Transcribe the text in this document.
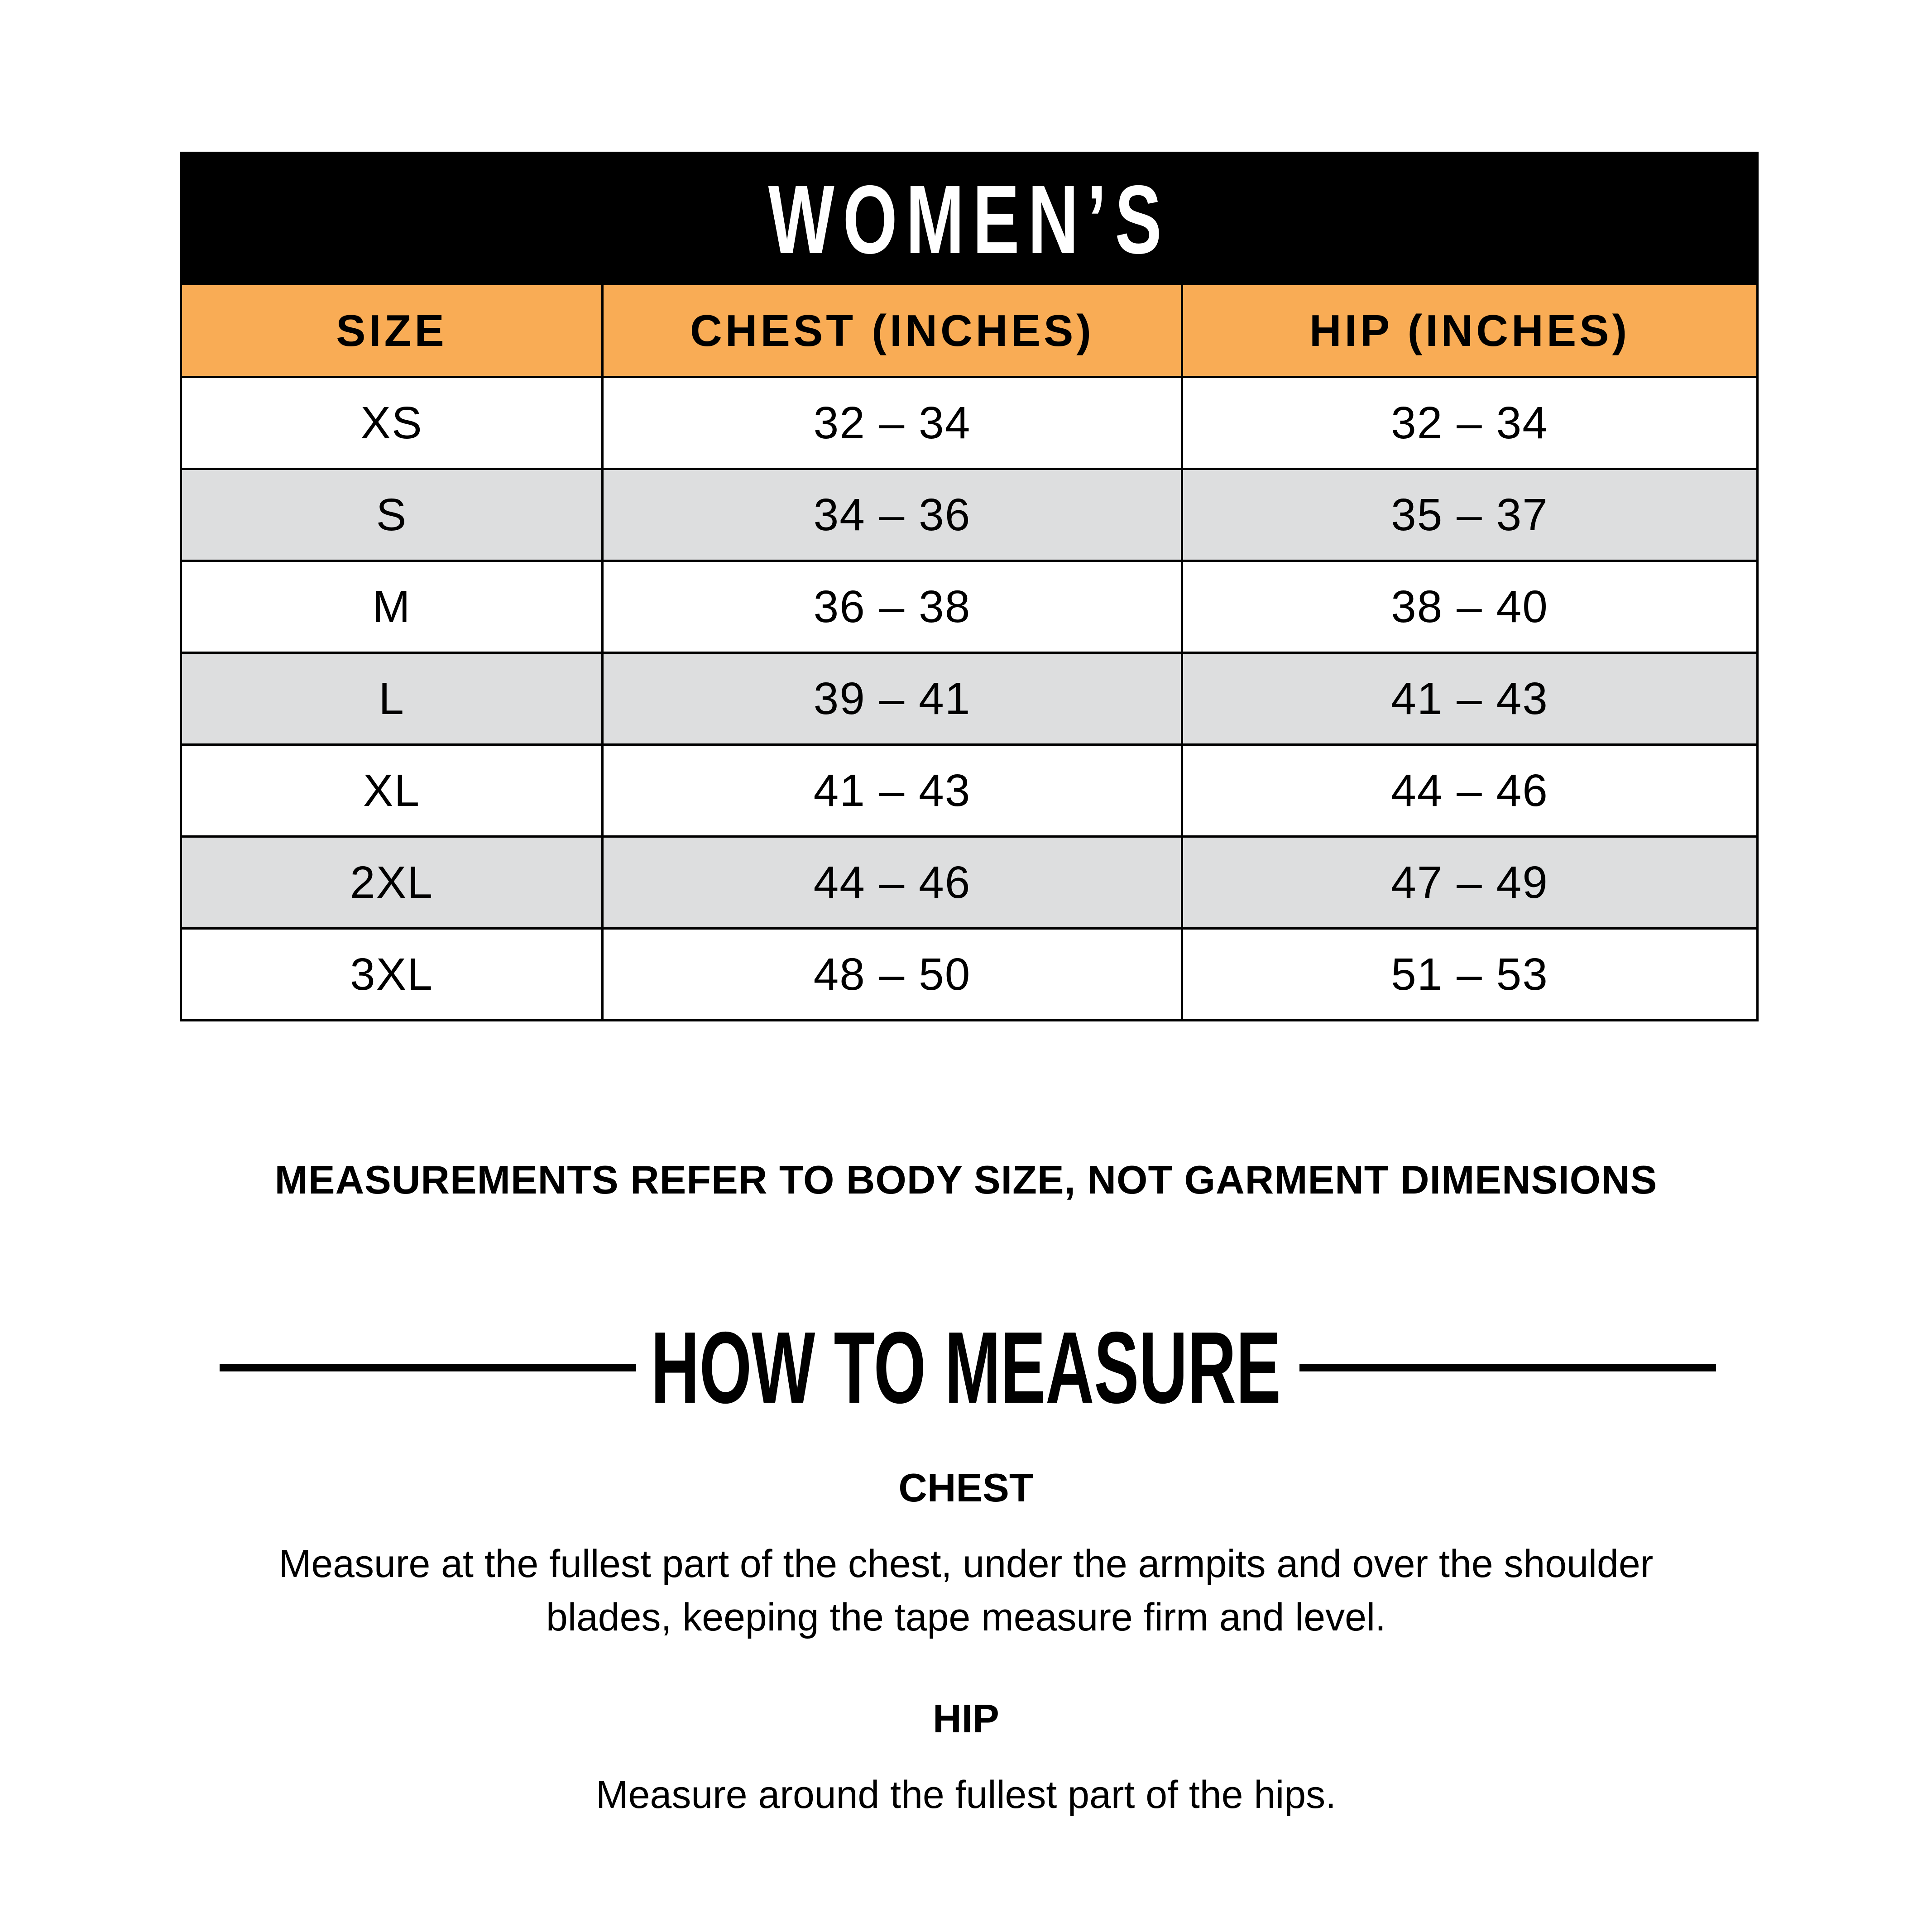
WOMEN’S
SIZE	CHEST (INCHES)	HIP (INCHES)
XS	32 – 34	32 – 34
S	34 – 36	35 – 37
M	36 – 38	38 – 40
L	39 – 41	41 – 43
XL	41 – 43	44 – 46
2XL	44 – 46	47 – 49
3XL	48 – 50	51 – 53
MEASUREMENTS REFER TO BODY SIZE, NOT GARMENT DIMENSIONS
HOW TO MEASURE
CHEST
Measure at the fullest part of the chest, under the armpits and over the shoulder blades, keeping the tape measure firm and level.
HIP
Measure around the fullest part of the hips.
